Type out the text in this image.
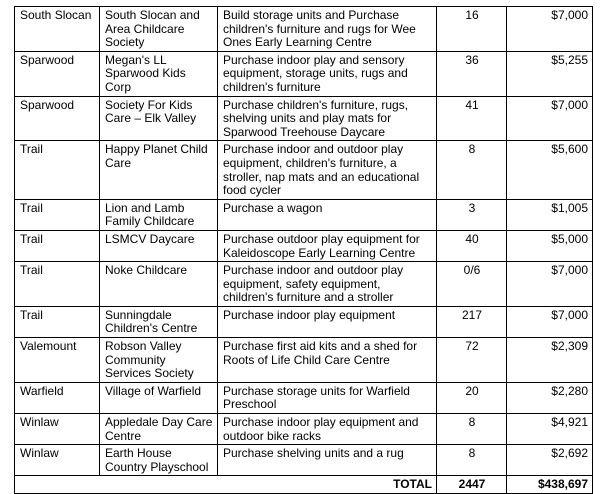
South Slocan	South Slocan and Area Childcare Society	Build storage units and Purchase children's furniture and rugs for Wee Ones Early Learning Centre	16	$7,000
Sparwood	Megan's LL Sparwood Kids Corp	Purchase indoor play and sensory equipment, storage units, rugs and children's furniture	36	$5,255
Sparwood	Society For Kids Care – Elk Valley	Purchase children's furniture, rugs, shelving units and play mats for Sparwood Treehouse Daycare	41	$7,000
Trail	Happy Planet Child Care	Purchase indoor and outdoor play equipment, children's furniture, a stroller, nap mats and an educational food cycler	8	$5,600
Trail	Lion and Lamb Family Childcare	Purchase a wagon	3	$1,005
Trail	LSMCV Daycare	Purchase outdoor play equipment for Kaleidoscope Early Learning Centre	40	$5,000
Trail	Noke Childcare	Purchase indoor and outdoor play equipment, safety equipment, children's furniture and a stroller	0/6	$7,000
Trail	Sunningdale Children's Centre	Purchase indoor play equipment	217	$7,000
Valemount	Robson Valley Community Services Society	Purchase first aid kits and a shed for Roots of Life Child Care Centre	72	$2,309
Warfield	Village of Warfield	Purchase storage units for Warfield Preschool	20	$2,280
Winlaw	Appledale Day Care Centre	Purchase indoor play equipment and outdoor bike racks	8	$4,921
Winlaw	Earth House Country Playschool	Purchase shelving units and a rug	8	$2,692
TOTAL			2447	$438,697
